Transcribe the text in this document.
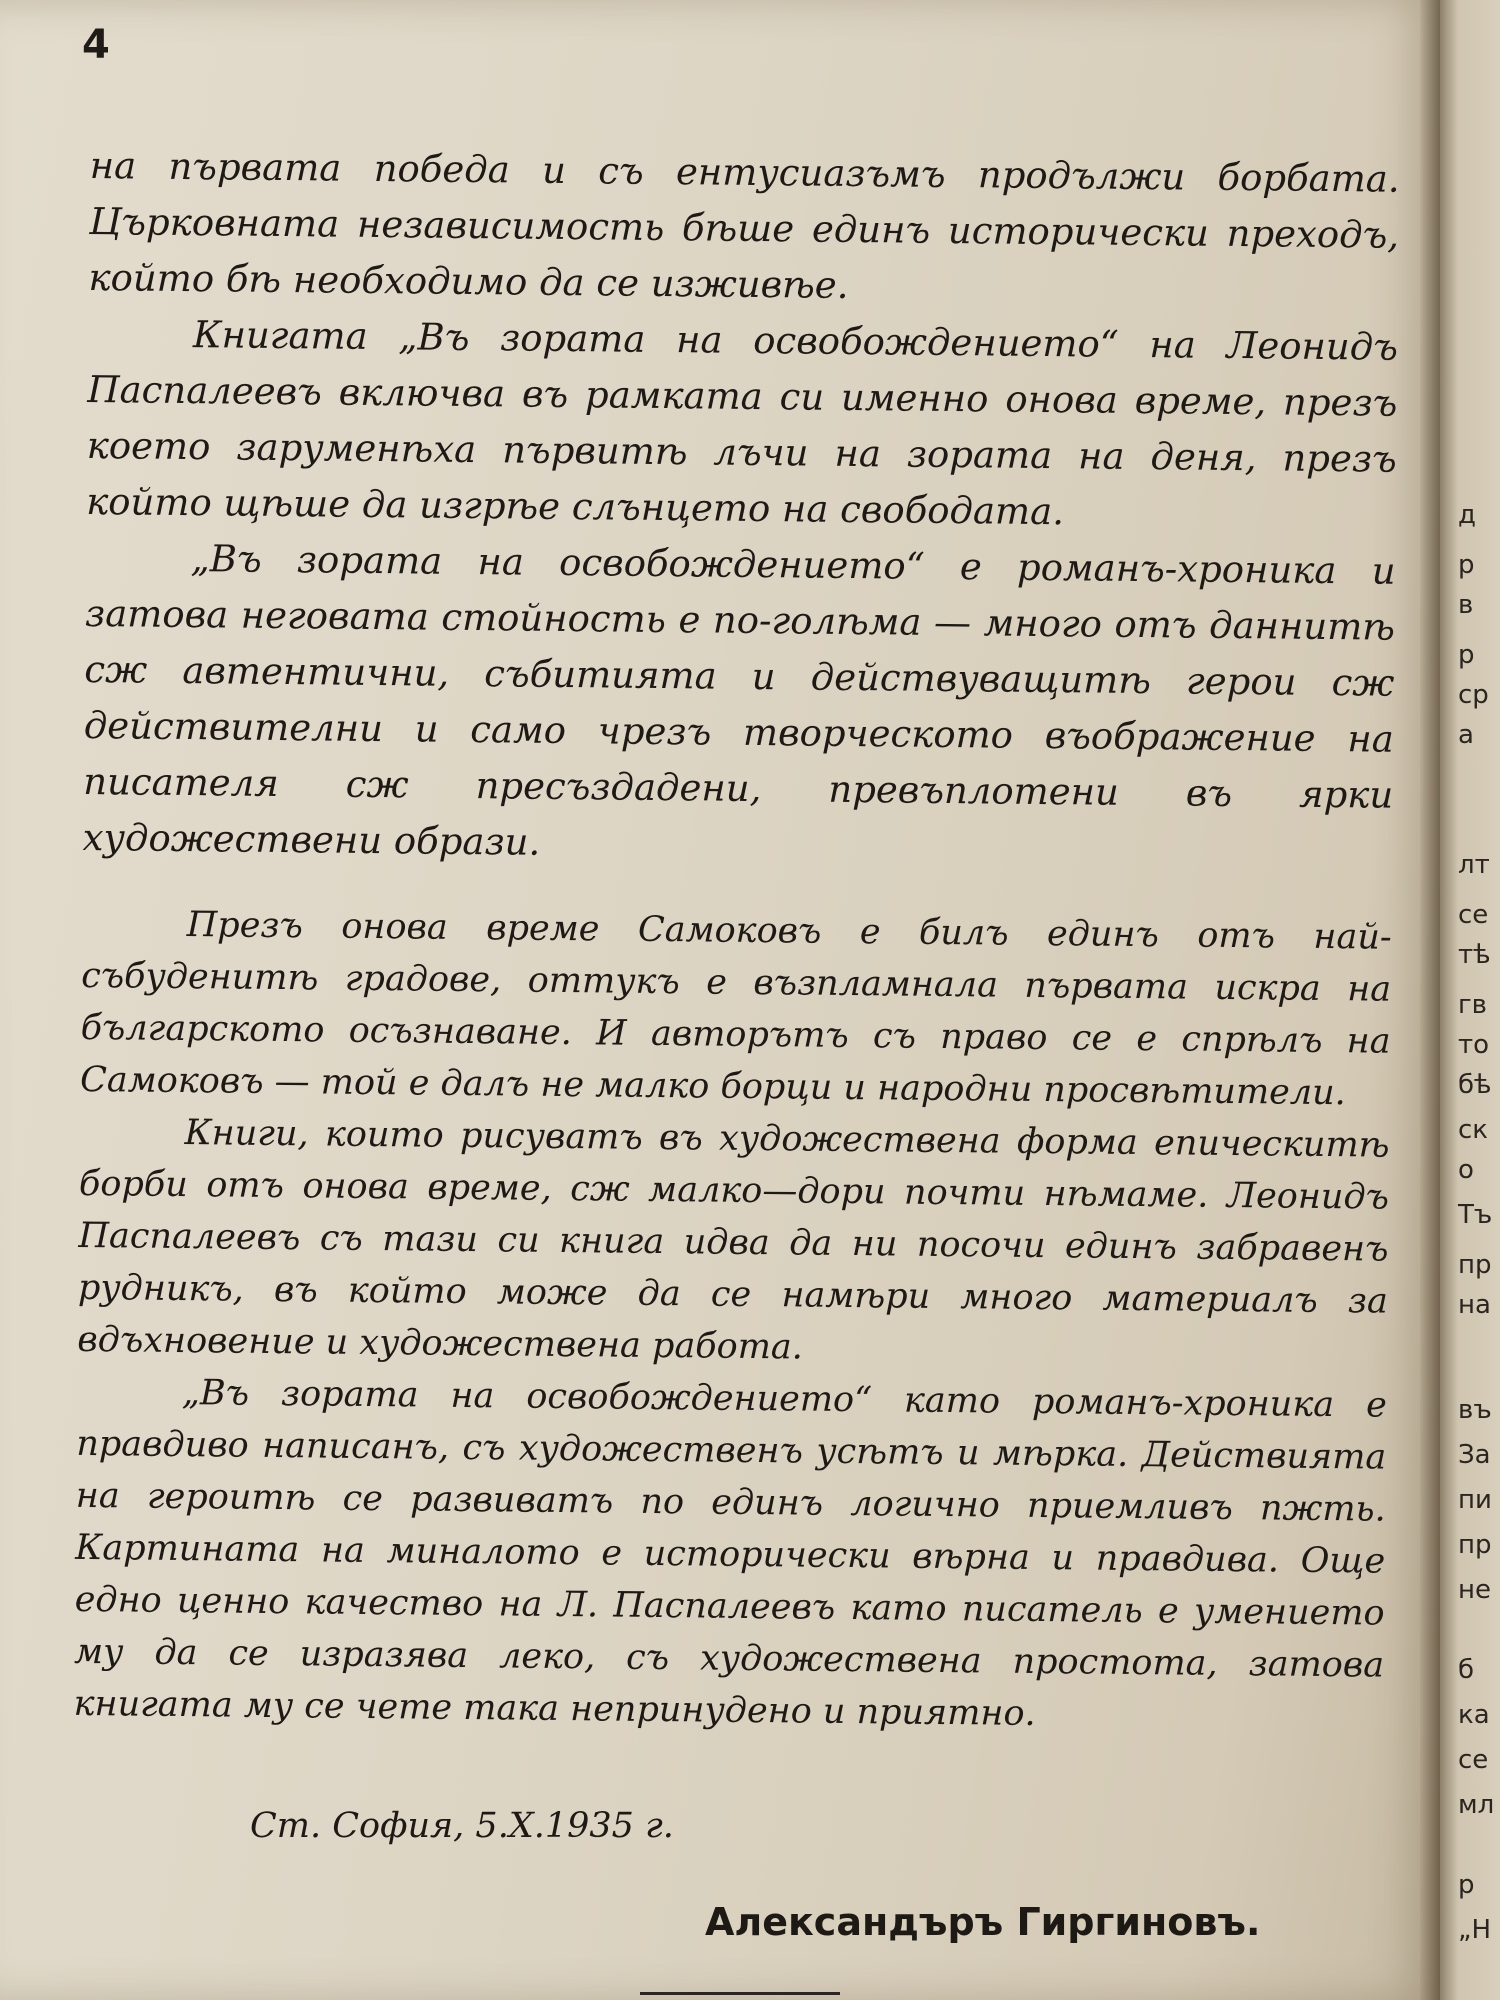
4

на първата победа и съ ентусиазъмъ продължи борбата. Църковната независимость бѣше единъ исторически преходъ, който бѣ необходимо да се изживѣе.

Книгата „Въ зората на освобождението“ на Леонидъ Паспалеевъ включва въ рамката си именно онова време, презъ което заруменѣха първитѣ лъчи на зората на деня, презъ който щѣше да изгрѣе слънцето на свободата.

„Въ зората на освобождението“ е романъ-хроника и затова неговата стойность е по-голѣма — много отъ даннитѣ сж автентични, събитията и действуващитѣ герои сж действителни и само чрезъ творческото въображение на писателя сж пресъздадени, превъплотени въ ярки художествени образи.

Презъ онова време Самоковъ е билъ единъ отъ най-събуденитѣ градове, оттукъ е възпламнала първата искра на българското осъзнаване. И авторътъ съ право се е спрѣлъ на Самоковъ — той е далъ не малко борци и народни просвѣтители.

Книги, които рисуватъ въ художествена форма епическитѣ борби отъ онова време, сж малко—дори почти нѣмаме. Леонидъ Паспалеевъ съ тази си книга идва да ни посочи единъ забравенъ рудникъ, въ който може да се намѣри много материалъ за вдъхновение и художествена работа.

„Въ зората на освобождението“ като романъ-хроника е правдиво написанъ, съ художественъ усѣтъ и мѣрка. Действията на героитѣ се развиватъ по единъ логично приемливъ пжть. Картината на миналото е исторически вѣрна и правдива. Още едно ценно качество на Л. Паспалеевъ като писатель е умението му да се изразява леко, съ художествена простота, затова книгата му се чете така непринудено и приятно.

Ст. София, 5.Х.1935 г.
Александъръ Гиргиновъ.
д
р
в
р
ср
а
лт
се
тѣ
гв
то
бѣ
ск
о
Тъ
пр
на
въ
За
пи
пр
не
б
ка
се
мл
р
„Н
